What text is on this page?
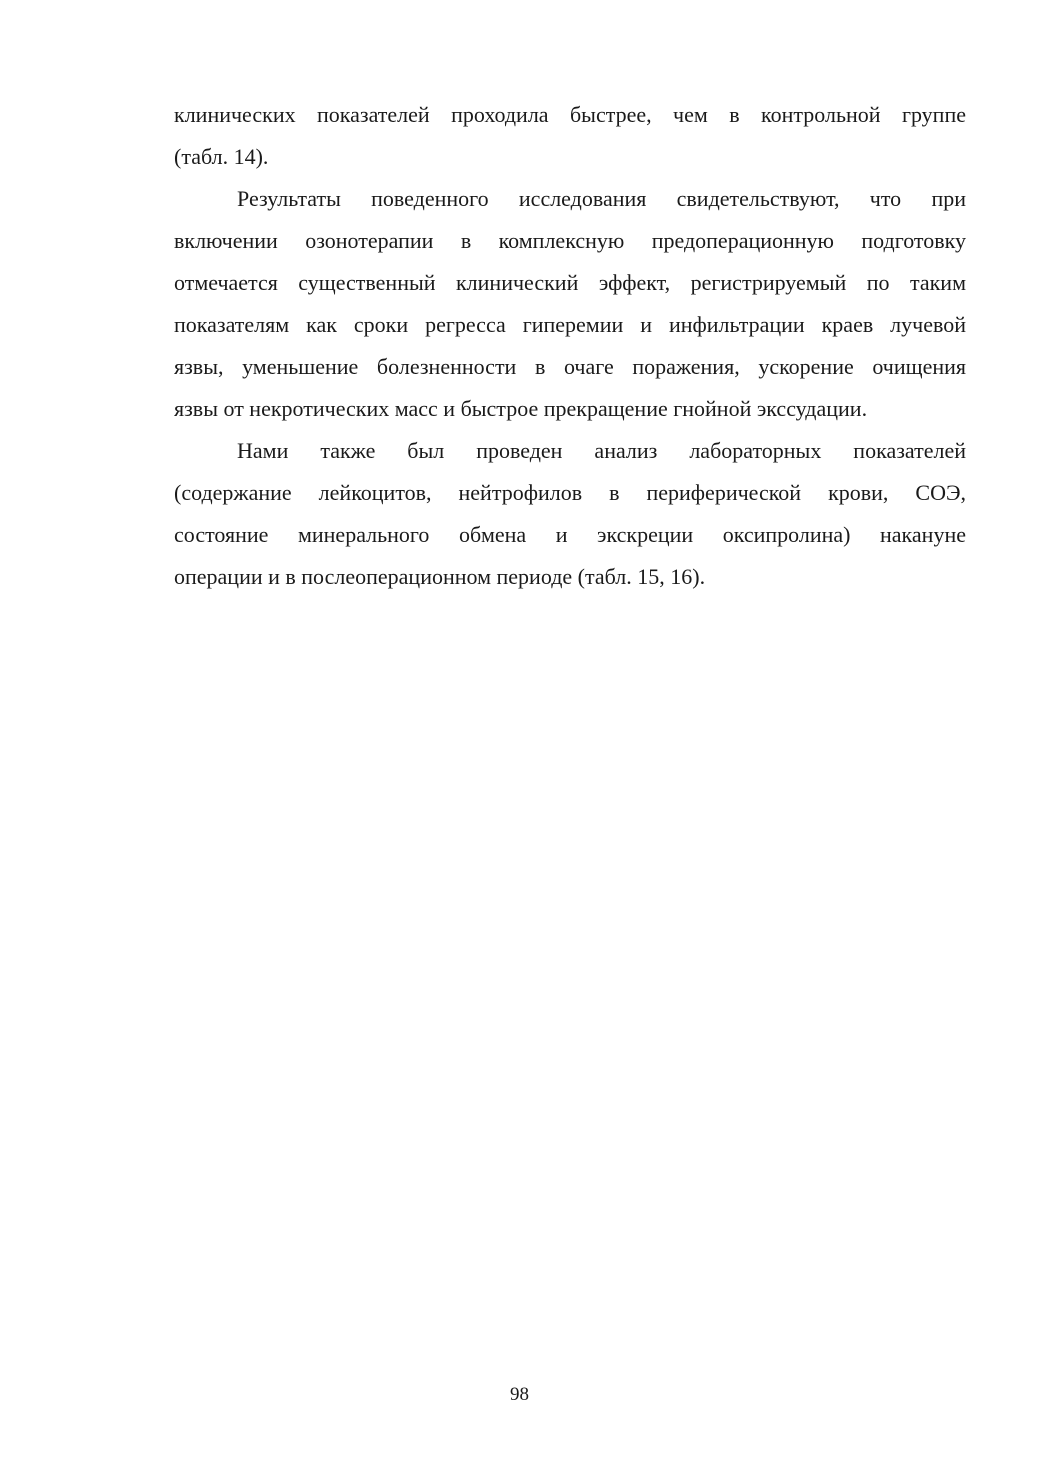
клинических показателей проходила быстрее, чем в контрольной группе
(табл. 14).
Результаты поведенного исследования свидетельствуют, что при
включении озонотерапии в комплексную предоперационную подготовку
отмечается существенный клинический эффект, регистрируемый по таким
показателям как сроки регресса гиперемии и инфильтрации краев лучевой
язвы, уменьшение болезненности в очаге поражения, ускорение очищения
язвы от некротических масс и быстрое прекращение гнойной экссудации.
Нами также был проведен анализ лабораторных показателей
(содержание лейкоцитов, нейтрофилов в периферической крови, СОЭ,
состояние минерального обмена и экскреции оксипролина) накануне
операции и в послеоперационном периоде (табл. 15, 16).
98
